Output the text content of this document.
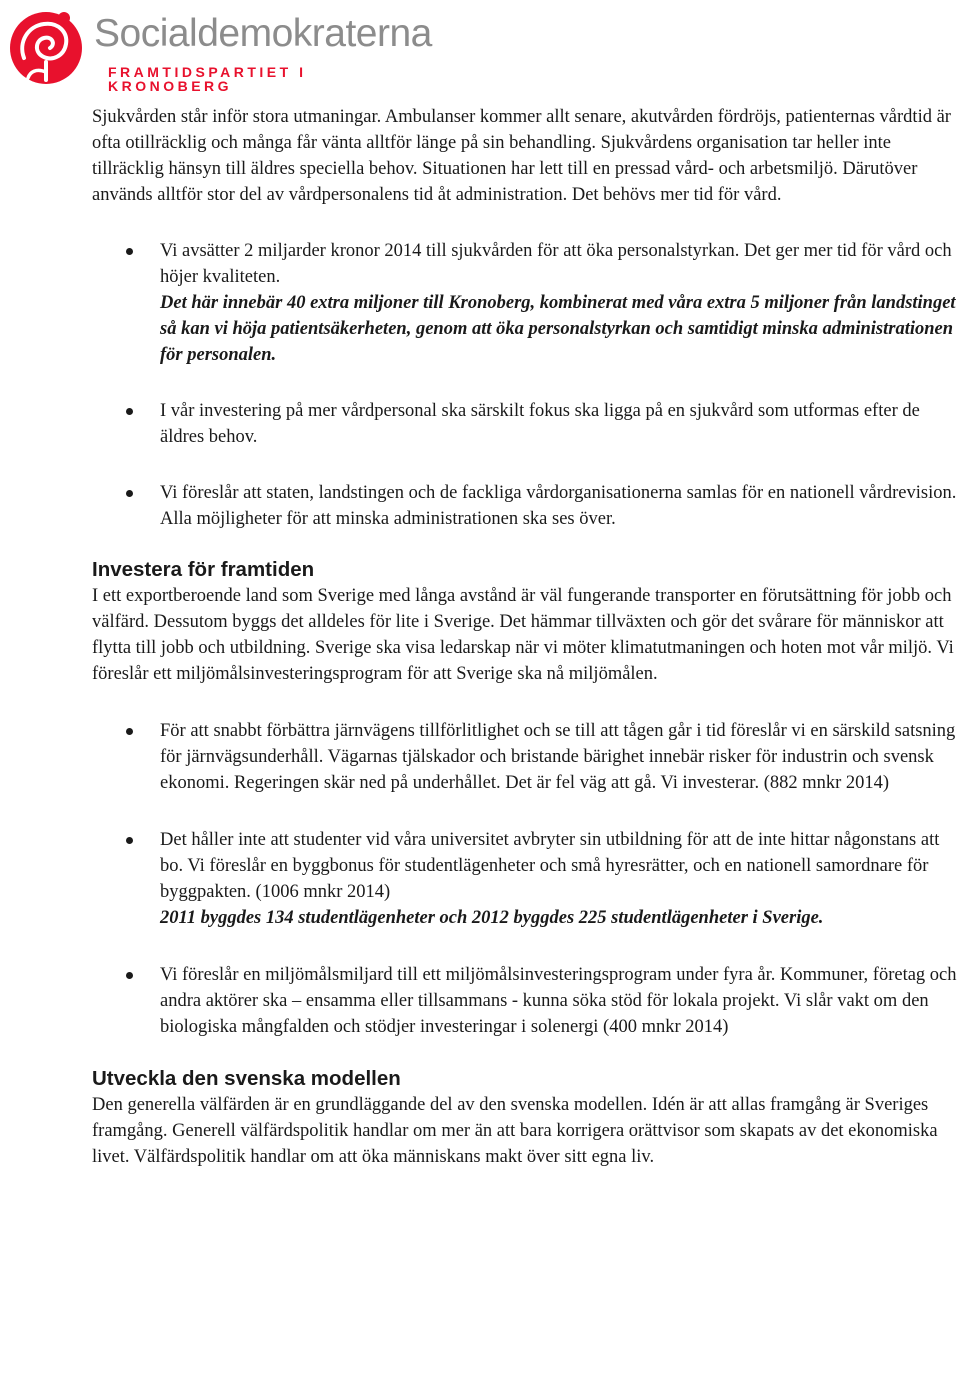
Socialdemokraterna
FRAMTIDSPARTIET I KRONOBERG

Sjukvården står inför stora utmaningar. Ambulanser kommer allt senare, akutvården fördröjs, patienternas vårdtid är ofta otillräcklig och många får vänta alltför länge på sin behandling. Sjukvårdens organisation tar heller inte tillräcklig hänsyn till äldres speciella behov. Situationen har lett till en pressad vård- och arbetsmiljö. Därutöver används alltför stor del av vårdpersonalens tid åt administration. Det behövs mer tid för vård.

Vi avsätter 2 miljarder kronor 2014 till sjukvården för att öka personalstyrkan. Det ger mer tid för vård och höjer kvaliteten.
Det här innebär 40 extra miljoner till Kronoberg, kombinerat med våra extra 5 miljoner från landstinget så kan vi höja patientsäkerheten, genom att öka personalstyrkan och samtidigt minska administrationen för personalen.
I vår investering på mer vårdpersonal ska särskilt fokus ska ligga på en sjukvård som utformas efter de äldres behov.
Vi föreslår att staten, landstingen och de fackliga vårdorganisationerna samlas för en nationell vårdrevision. Alla möjligheter för att minska administrationen ska ses över.
Investera för framtiden

I ett exportberoende land som Sverige med långa avstånd är väl fungerande transporter en förutsättning för jobb och välfärd. Dessutom byggs det alldeles för lite i Sverige. Det hämmar tillväxten och gör det svårare för människor att flytta till jobb och utbildning. Sverige ska visa ledarskap när vi möter klimatutmaningen och hoten mot vår miljö. Vi föreslår ett miljömålsinvesteringsprogram för att Sverige ska nå miljömålen.

För att snabbt förbättra järnvägens tillförlitlighet och se till att tågen går i tid föreslår vi en särskild satsning för järnvägsunderhåll. Vägarnas tjälskador och bristande bärighet innebär risker för industrin och svensk ekonomi. Regeringen skär ned på underhållet. Det är fel väg att gå. Vi investerar. (882 mnkr 2014)
Det håller inte att studenter vid våra universitet avbryter sin utbildning för att de inte hittar någonstans att bo. Vi föreslår en byggbonus för studentlägenheter och små hyresrätter, och en nationell samordnare för byggpakten. (1006 mnkr 2014)
2011 byggdes 134 studentlägenheter och 2012 byggdes 225 studentlägenheter i Sverige.
Vi föreslår en miljömålsmiljard till ett miljömålsinvesteringsprogram under fyra år. Kommuner, företag och andra aktörer ska – ensamma eller tillsammans - kunna söka stöd för lokala projekt. Vi slår vakt om den biologiska mångfalden och stödjer investeringar i solenergi (400 mnkr 2014)
Utveckla den svenska modellen

Den generella välfärden är en grundläggande del av den svenska modellen. Idén är att allas framgång är Sveriges framgång. Generell välfärdspolitik handlar om mer än att bara korrigera orättvisor som skapats av det ekonomiska livet. Välfärdspolitik handlar om att öka människans makt över sitt egna liv.
